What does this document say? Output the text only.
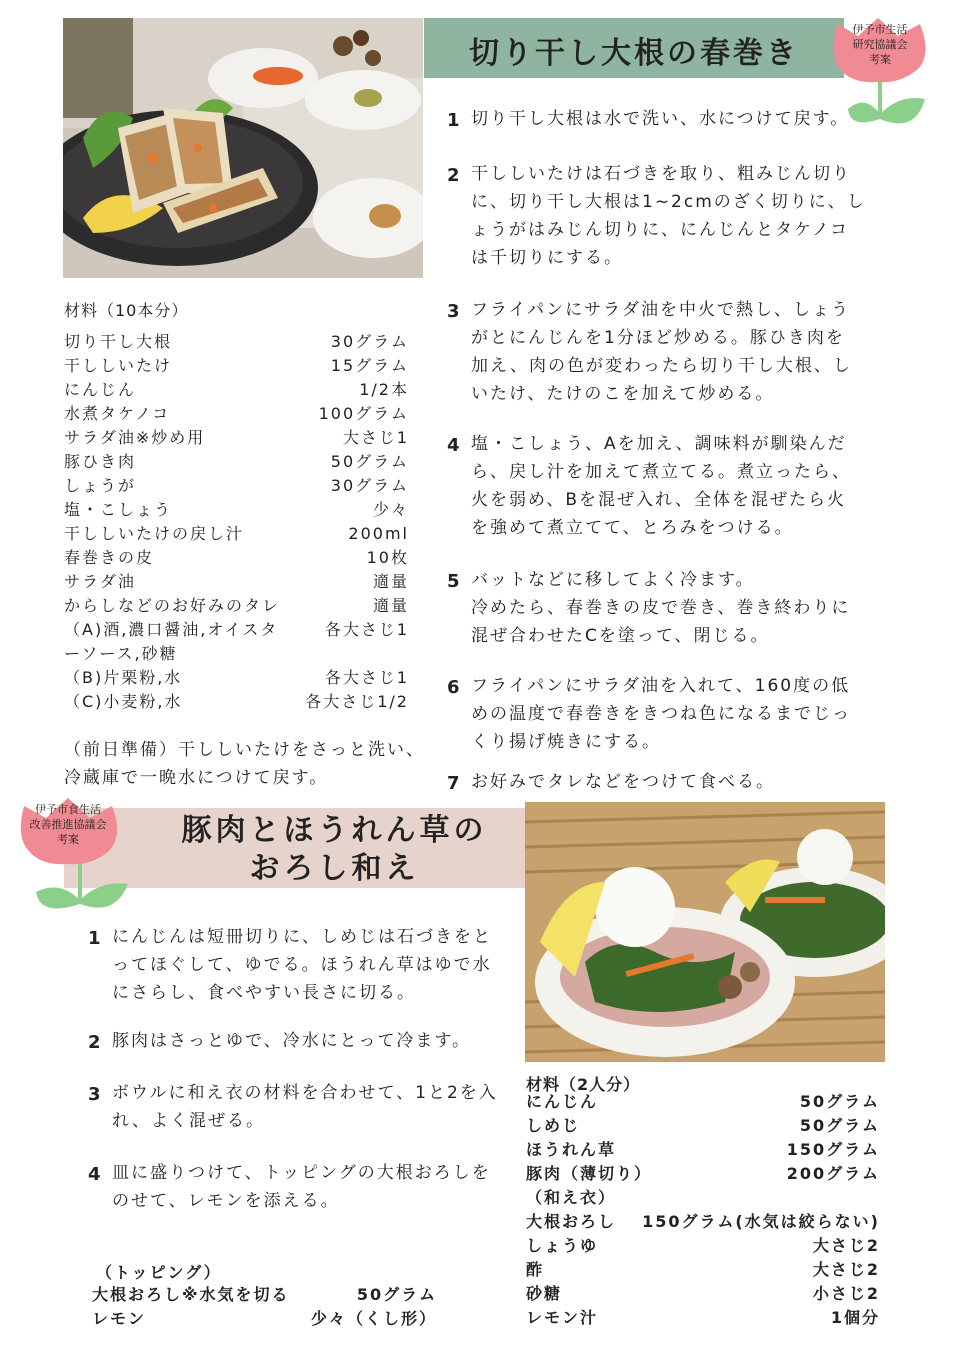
切り干し大根の春巻き
伊予市生活
研究協議会
考案
材料（10本分）
切り干し大根	30グラム
干ししいたけ	15グラム
にんじん	1/2本
水煮タケノコ	100グラム
サラダ油※炒め用	大さじ1
豚ひき肉	50グラム
しょうが	30グラム
塩・こしょう	少々
干ししいたけの戻し汁	200ml
春巻きの皮	10枚
サラダ油	適量
からしなどのお好みのタレ	適量
（A)酒,濃口醤油,オイスタ	各大さじ1
ーソース,砂糖
（B)片栗粉,水	各大さじ1
（C)小麦粉,水	各大さじ1/2
（前日準備）干ししいたけをさっと洗い、
冷蔵庫で一晩水につけて戻す。
1 切り干し大根は水で洗い、水につけて戻す。
2 干ししいたけは石づきを取り、粗みじん切り
に、切り干し大根は1~2cmのざく切りに、し
ょうがはみじん切りに、にんじんとタケノコ
は千切りにする。
3 フライパンにサラダ油を中火で熱し、しょう
がとにんじんを1分ほど炒める。豚ひき肉を
加え、肉の色が変わったら切り干し大根、し
いたけ、たけのこを加えて炒める。
4 塩・こしょう、Aを加え、調味料が馴染んだ
ら、戻し汁を加えて煮立てる。煮立ったら、
火を弱め、Bを混ぜ入れ、全体を混ぜたら火
を強めて煮立てて、とろみをつける。
5 バットなどに移してよく冷ます。
冷めたら、春巻きの皮で巻き、巻き終わりに
混ぜ合わせたCを塗って、閉じる。
6 フライパンにサラダ油を入れて、160度の低
めの温度で春巻きをきつね色になるまでじっ
くり揚げ焼きにする。
7 お好みでタレなどをつけて食べる。
豚肉とほうれん草の
おろし和え
伊予市食生活
改善推進協議会
考案
1 にんじんは短冊切りに、しめじは石づきをと
ってほぐして、ゆでる。ほうれん草はゆで水
にさらし、食べやすい長さに切る。
2 豚肉はさっとゆで、冷水にとって冷ます。
3 ボウルに和え衣の材料を合わせて、1と2を入
れ、よく混ぜる。
4 皿に盛りつけて、トッピングの大根おろしを
のせて、レモンを添える。
（トッピング）
大根おろし※水気を切る	50グラム
レモン	少々（くし形）
材料（2人分）
にんじん	50グラム
しめじ	50グラム
ほうれん草	150グラム
豚肉（薄切り）	200グラム
（和え衣）
大根おろし 150グラム(水気は絞らない)
しょうゆ	大さじ2
酢	大さじ2
砂糖	小さじ2
レモン汁	1個分
